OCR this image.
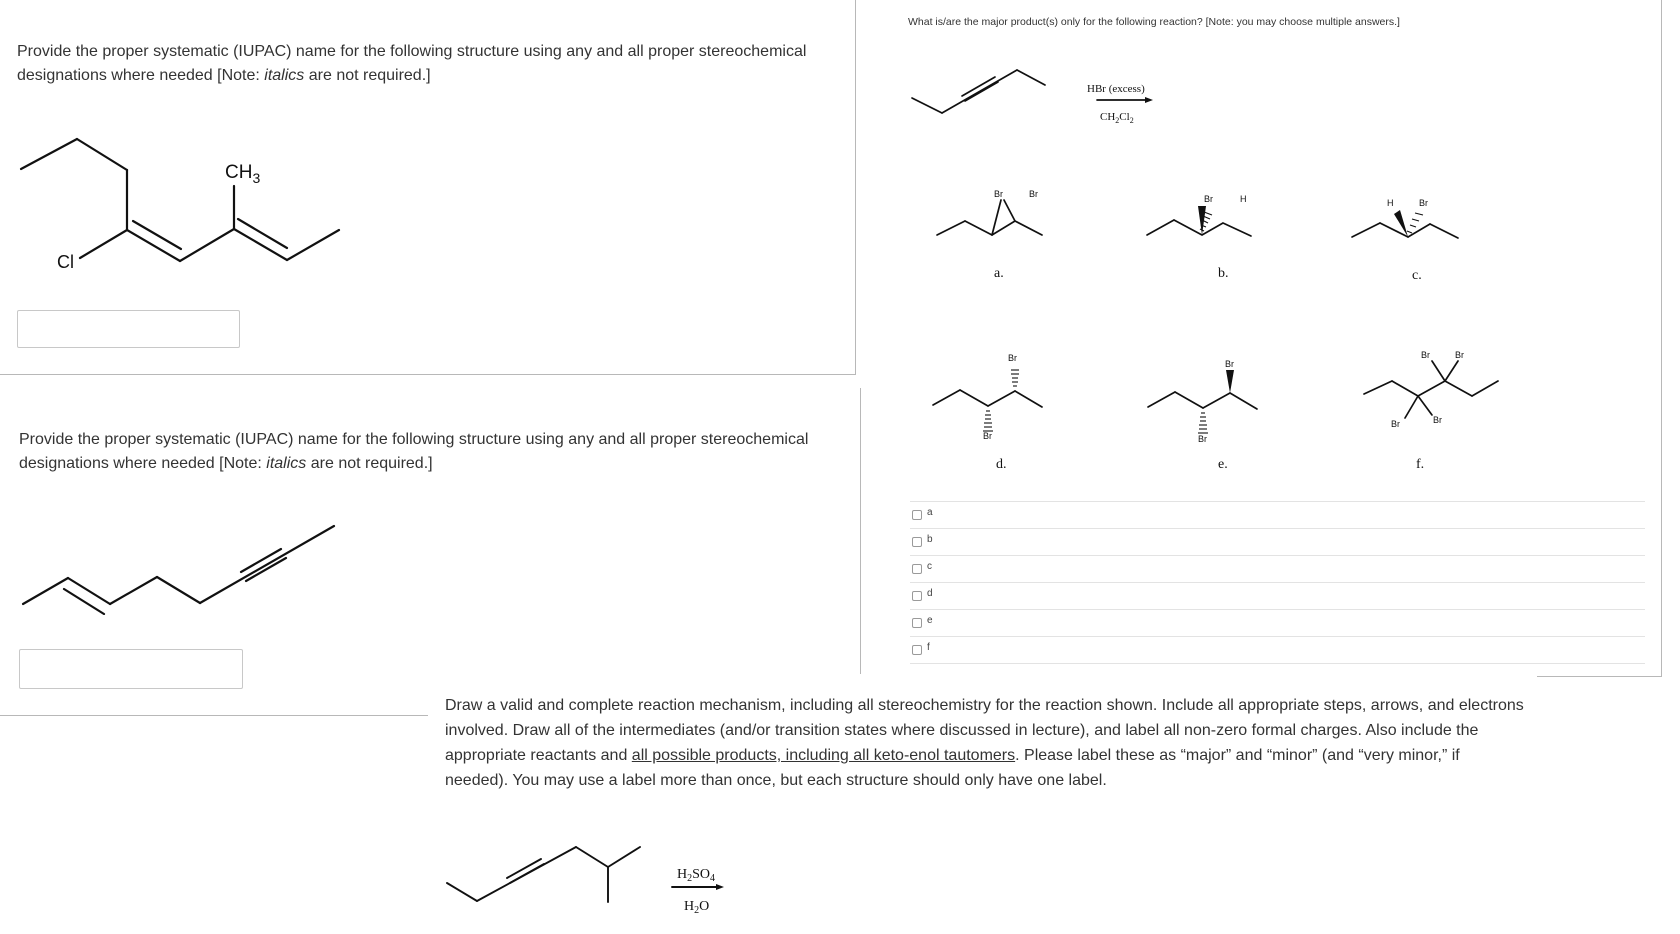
Provide the proper systematic (IUPAC) name for the following structure using any and all proper stereochemical designations where needed [Note: italics are not required.]
$CH_3$
Cl
Provide the proper systematic (IUPAC) name for the following structure using any and all proper stereochemical designations where needed [Note: italics are not required.]
What is/are the major product(s) only for the following reaction? [Note: you may choose multiple answers.]
HBr (excess)
$CH_2Cl_2$
Br	Br
a.
Br	H
b.
H	Br
c.
Br
Br
d.
Br
Br
e.
Br	Br
Br	Br
f.
a
b
c
d
e
f
Draw a valid and complete reaction mechanism, including all stereochemistry for the reaction shown. Include all appropriate steps, arrows, and electrons involved. Draw all of the intermediates (and/or transition states where discussed in lecture), and label all non-zero formal charges. Also include the appropriate reactants and all possible products, including all keto-enol tautomers. Please label these as “major” and “minor” (and “very minor,” if needed). You may use a label more than once, but each structure should only have one label.
$H_2SO_4$
$H_2O$
